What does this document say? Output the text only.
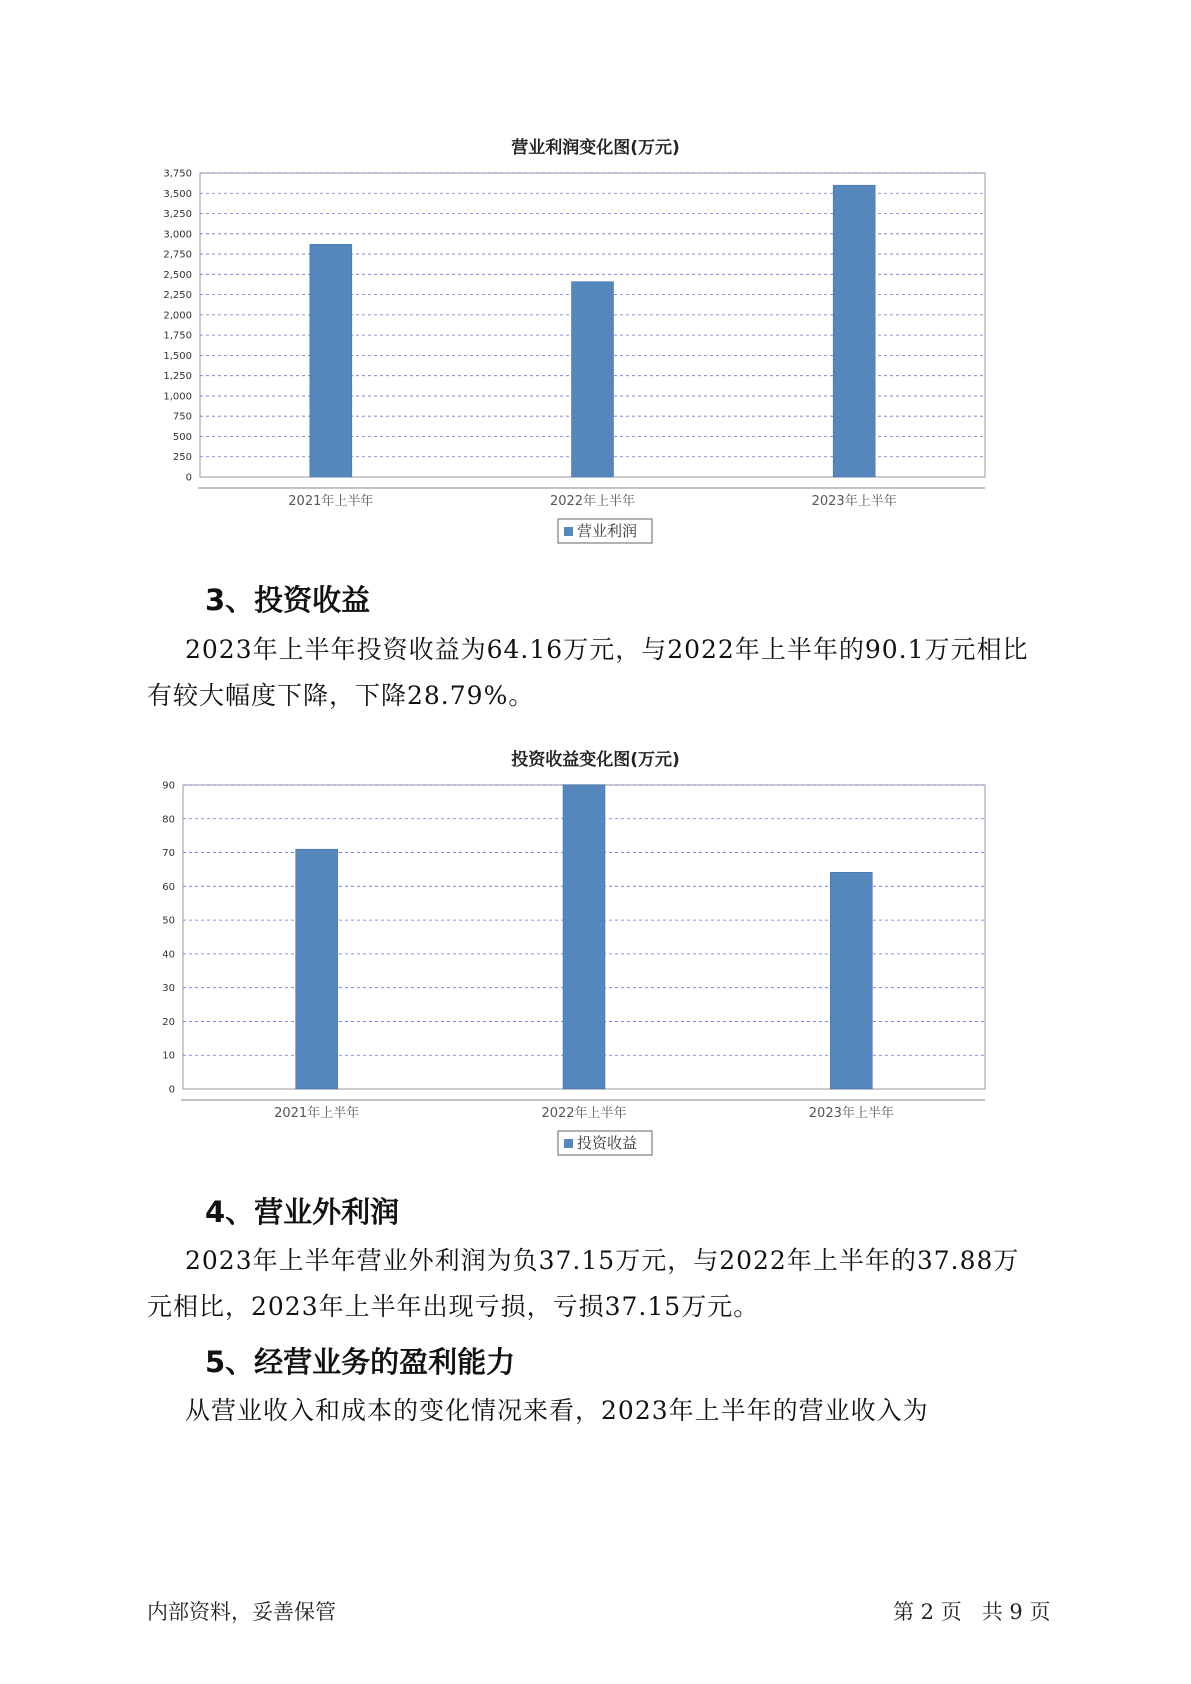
营业利润变化图(万元)
0
250
500
750
1,000
1,250
1,500
1,750
2,000
2,250
2,500
2,750
3,000
3,250
3,500
3,750
2021年上半年	2022年上半年	2023年上半年
营业利润
3、投资收益
2023年上半年投资收益为64.16万元，与2022年上半年的90.1万元相比
有较大幅度下降，下降28.79%。
投资收益变化图(万元)
0
10
20
30
40
50
60
70
80
90
2021年上半年	2022年上半年	2023年上半年
投资收益
4、营业外利润
2023年上半年营业外利润为负37.15万元，与2022年上半年的37.88万
元相比，2023年上半年出现亏损，亏损37.15万元。
5、经营业务的盈利能力
从营业收入和成本的变化情况来看，2023年上半年的营业收入为
内部资料，妥善保管	第 2 页   共 9 页
